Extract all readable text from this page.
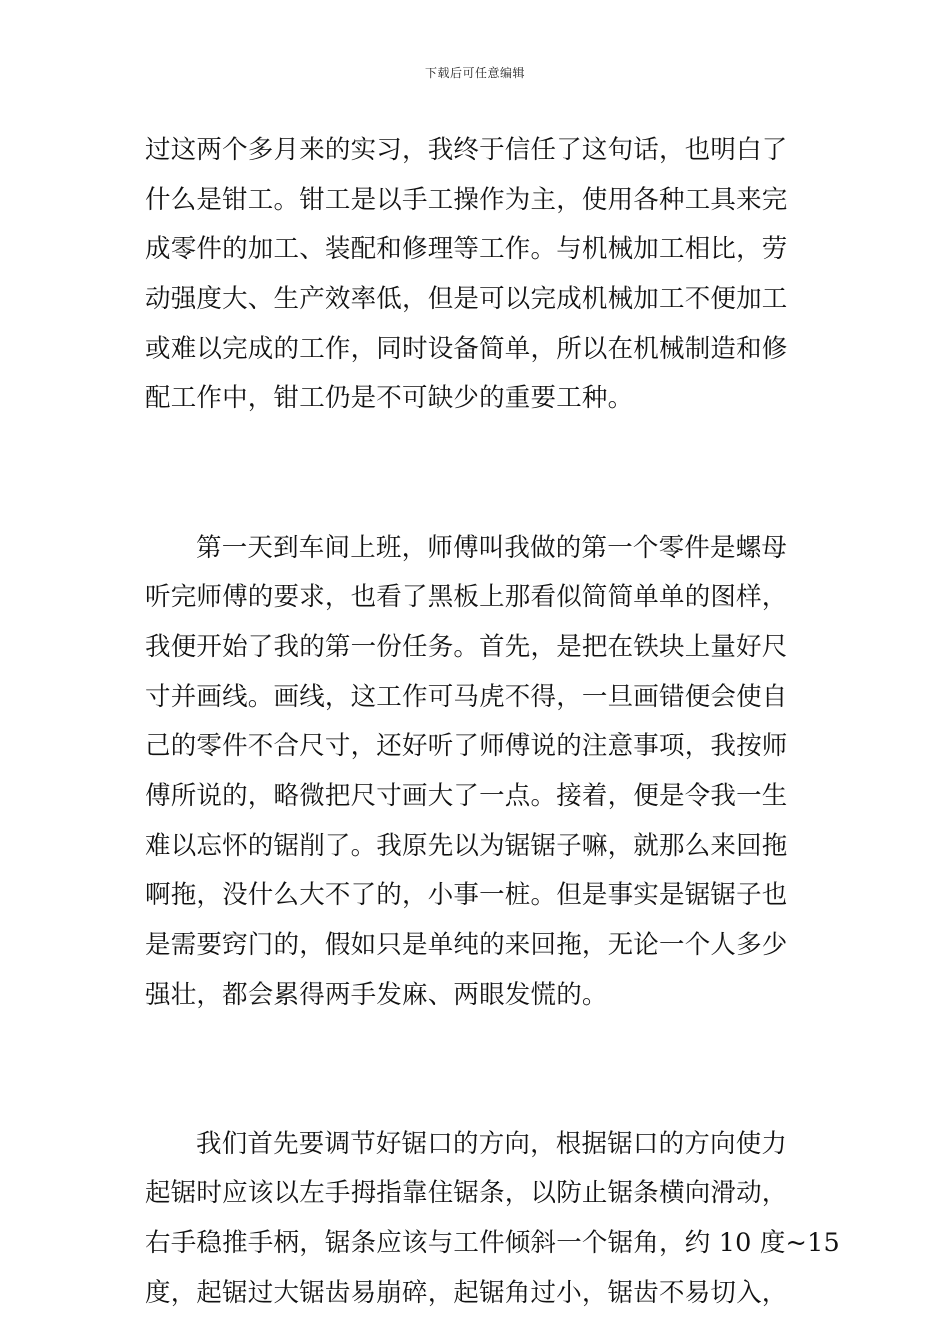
下载后可任意编辑
过这两个多月来的实习，我终于信任了这句话，也明白了
什么是钳工。钳工是以手工操作为主，使用各种工具来完
成零件的加工、装配和修理等工作。与机械加工相比，劳
动强度大、生产效率低，但是可以完成机械加工不便加工
或难以完成的工作，同时设备简单，所以在机械制造和修
配工作中，钳工仍是不可缺少的重要工种。
第一天到车间上班，师傅叫我做的第一个零件是螺母
听完师傅的要求，也看了黑板上那看似简简单单的图样，
我便开始了我的第一份任务。首先，是把在铁块上量好尺
寸并画线。画线，这工作可马虎不得，一旦画错便会使自
己的零件不合尺寸，还好听了师傅说的注意事项，我按师
傅所说的，略微把尺寸画大了一点。接着，便是令我一生
难以忘怀的锯削了。我原先以为锯锯子嘛，就那么来回拖
啊拖，没什么大不了的，小事一桩。但是事实是锯锯子也
是需要窍门的，假如只是单纯的来回拖，无论一个人多少
强壮，都会累得两手发麻、两眼发慌的。
我们首先要调节好锯口的方向，根据锯口的方向使力
起锯时应该以左手拇指靠住锯条，以防止锯条横向滑动，
右手稳推手柄，锯条应该与工件倾斜一个锯角，约 10 度~15
度，起锯过大锯齿易崩碎，起锯角过小，锯齿不易切入，
